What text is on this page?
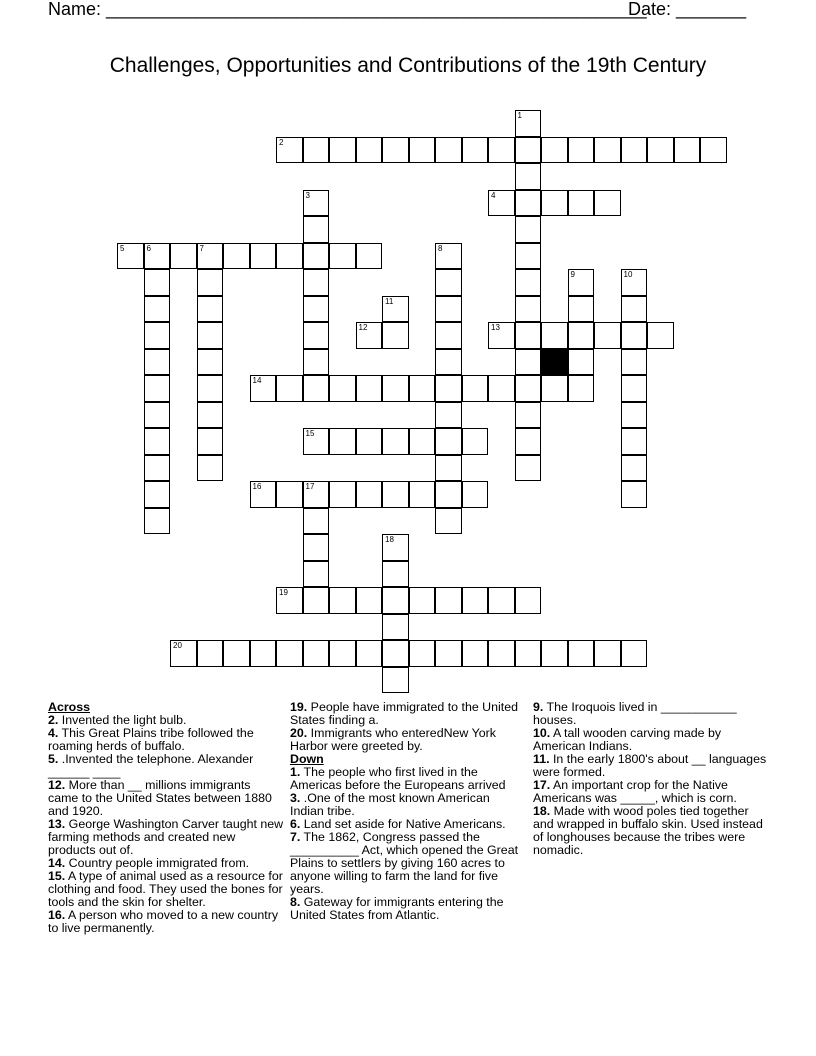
Name: ______________________________________________________
Date: _______
Challenges, Opportunities and Contributions of the 19th Century
1
2
3	4
5	6	7	8
9	10
11
12	13
14
15
16	17
18
19
20
Across
2. Invented the light bulb.
4. This Great Plains tribe followed the roaming herds of buffalo.
5. .Invented the telephone. Alexander ______ ____
12. More than __ millions immigrants came to the United States between 1880 and 1920.
13. George Washington Carver taught new farming methods and created new products out of.
14. Country people immigrated from.
15. A type of animal used as a resource for clothing and food. They used the bones for tools and the skin for shelter.
16. A person who moved to a new country to live permanently.
19. People have immigrated to the United States finding a.
20. Immigrants who enteredNew York Harbor were greeted by.
Down
1. The people who first lived in the Americas before the Europeans arrived
3. .One of the most known American Indian tribe.
6. Land set aside for Native Americans.
7. The 1862, Congress passed the __________ Act, which opened the Great Plains to settlers by giving 160 acres to anyone willing to farm the land for five years.
8. Gateway for immigrants entering the United States from Atlantic.
9. The Iroquois lived in ___________ houses.
10. A tall wooden carving made by American Indians.
11. In the early 1800's about __ languages were formed.
17. An important crop for the Native Americans was _____, which is corn.
18. Made with wood poles tied together and wrapped in buffalo skin. Used instead of longhouses because the tribes were nomadic.
